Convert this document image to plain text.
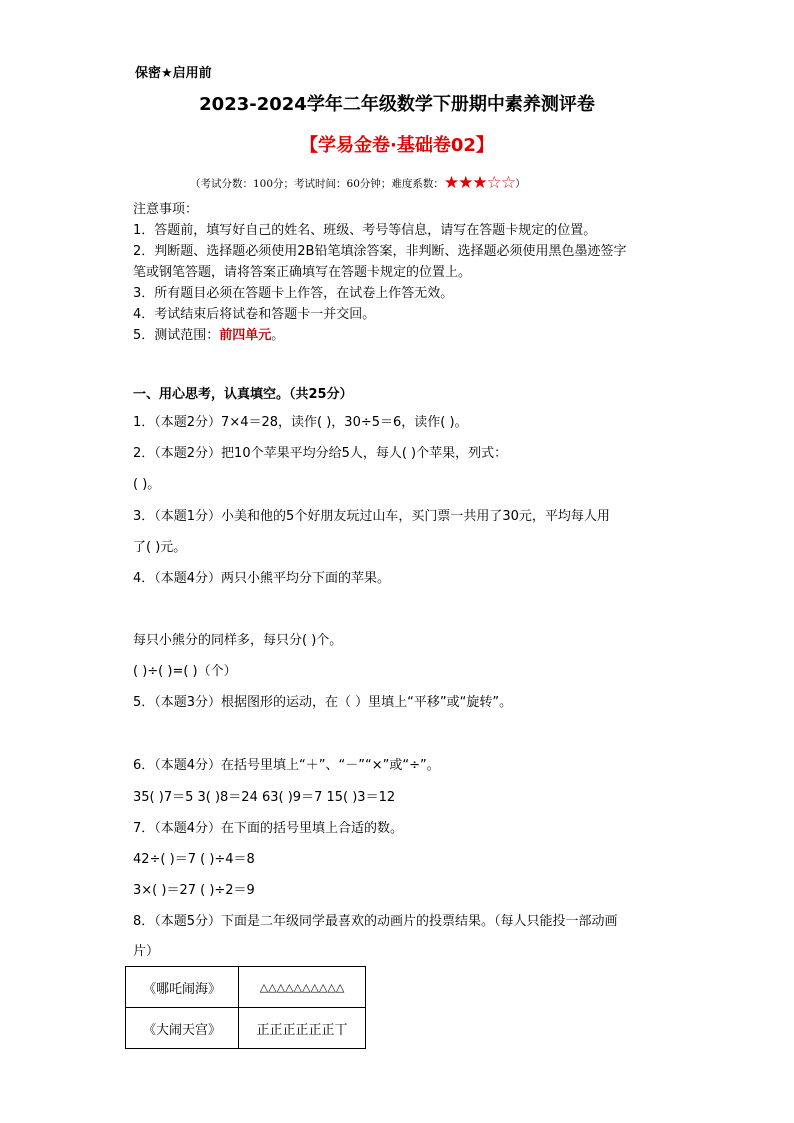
保密★启用前
2023-2024学年二年级数学下册期中素养测评卷
【学易金卷·基础卷02】
（考试分数：100分；考试时间：60分钟；难度系数：★★★☆☆）
注意事项：
1．答题前，填写好自己的姓名、班级、考号等信息，请写在答题卡规定的位置。
2．判断题、选择题必须使用2B铅笔填涂答案，非判断、选择题必须使用黑色墨迹签字
笔或钢笔答题，请将答案正确填写在答题卡规定的位置上。
3．所有题目必须在答题卡上作答，在试卷上作答无效。
4．考试结束后将试卷和答题卡一并交回。
5．测试范围：前四单元。
一、用心思考，认真填空。（共25分）
1．（本题2分）7×4＝28，读作( )，30÷5＝6，读作( )。
2．（本题2分）把10个苹果平均分给5人，每人( )个苹果，列式：
( )。
3．（本题1分）小美和他的5个好朋友玩过山车，买门票一共用了30元，平均每人用
了( )元。
4．（本题4分）两只小熊平均分下面的苹果。
每只小熊分的同样多，每只分( )个。
( )÷( )=( )（个）
5．（本题3分）根据图形的运动，在（ ）里填上“平移”或“旋转”。
6．（本题4分）在括号里填上“＋”、“－”“×”或“÷”。
35( )7＝5 3( )8＝24 63( )9＝7 15( )3＝12
7．（本题4分）在下面的括号里填上合适的数。
42÷( )＝7 ( )÷4＝8
3×( )＝27 ( )÷2＝9
8．（本题5分）下面是二年级同学最喜欢的动画片的投票结果。（每人只能投一部动画
片）
《哪吒闹海》	△△△△△△△△△△
《大闹天宫》	正正正正正正丅
